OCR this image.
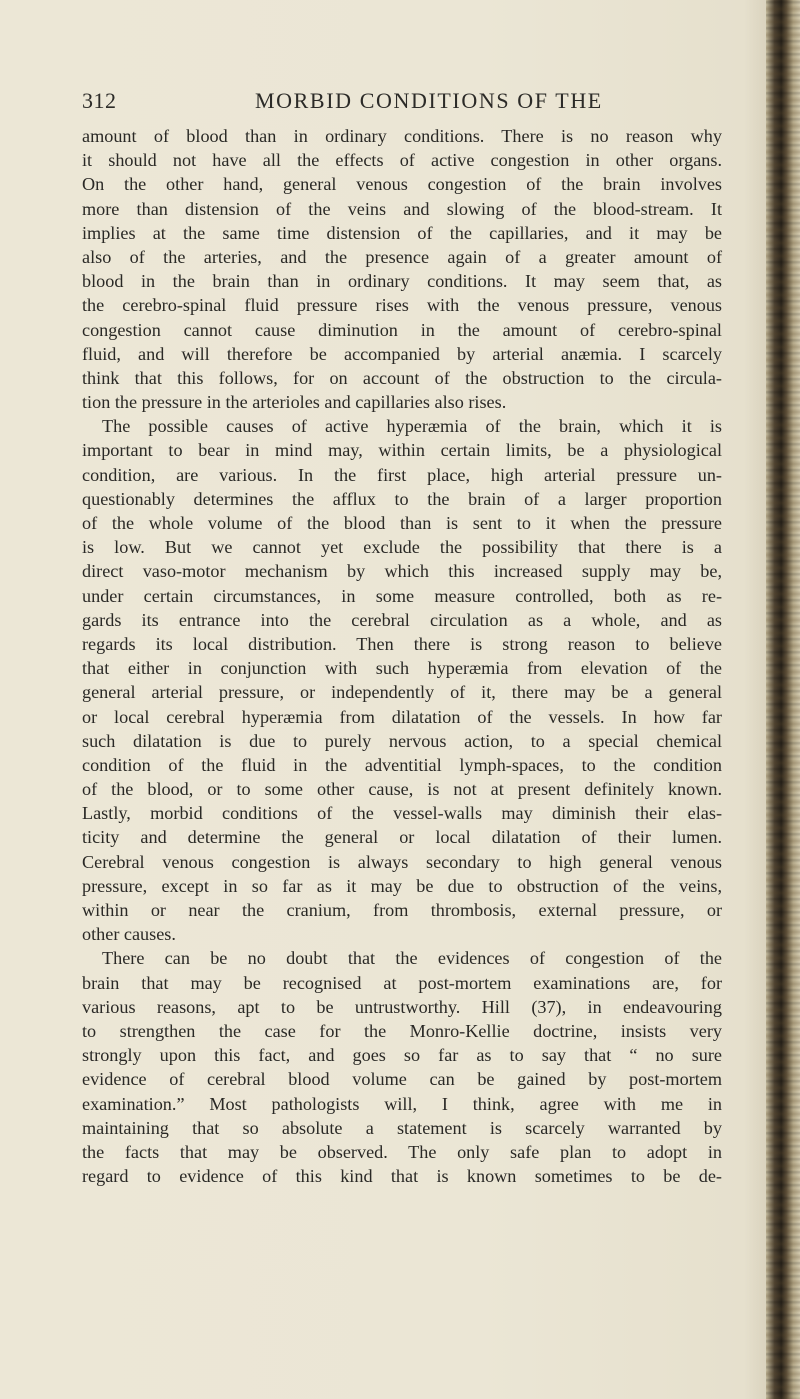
312	MORBID CONDITIONS OF THE
amount of blood than in ordinary conditions. There is no reason why
it should not have all the effects of active congestion in other organs.
On the other hand, general venous congestion of the brain involves
more than distension of the veins and slowing of the blood-stream. It
implies at the same time distension of the capillaries, and it may be
also of the arteries, and the presence again of a greater amount of
blood in the brain than in ordinary conditions. It may seem that, as
the cerebro-spinal fluid pressure rises with the venous pressure, venous
congestion cannot cause diminution in the amount of cerebro-spinal
fluid, and will therefore be accompanied by arterial anæmia. I scarcely
think that this follows, for on account of the obstruction to the circula-
tion the pressure in the arterioles and capillaries also rises.
The possible causes of active hyperæmia of the brain, which it is
important to bear in mind may, within certain limits, be a physiological
condition, are various. In the first place, high arterial pressure un-
questionably determines the afflux to the brain of a larger proportion
of the whole volume of the blood than is sent to it when the pressure
is low. But we cannot yet exclude the possibility that there is a
direct vaso-motor mechanism by which this increased supply may be,
under certain circumstances, in some measure controlled, both as re-
gards its entrance into the cerebral circulation as a whole, and as
regards its local distribution. Then there is strong reason to believe
that either in conjunction with such hyperæmia from elevation of the
general arterial pressure, or independently of it, there may be a general
or local cerebral hyperæmia from dilatation of the vessels. In how far
such dilatation is due to purely nervous action, to a special chemical
condition of the fluid in the adventitial lymph-spaces, to the condition
of the blood, or to some other cause, is not at present definitely known.
Lastly, morbid conditions of the vessel-walls may diminish their elas-
ticity and determine the general or local dilatation of their lumen.
Cerebral venous congestion is always secondary to high general venous
pressure, except in so far as it may be due to obstruction of the veins,
within or near the cranium, from thrombosis, external pressure, or
other causes.
There can be no doubt that the evidences of congestion of the
brain that may be recognised at post-mortem examinations are, for
various reasons, apt to be untrustworthy. Hill (37), in endeavouring
to strengthen the case for the Monro-Kellie doctrine, insists very
strongly upon this fact, and goes so far as to say that “ no sure
evidence of cerebral blood volume can be gained by post-mortem
examination.” Most pathologists will, I think, agree with me in
maintaining that so absolute a statement is scarcely warranted by
the facts that may be observed. The only safe plan to adopt in
regard to evidence of this kind that is known sometimes to be de-
